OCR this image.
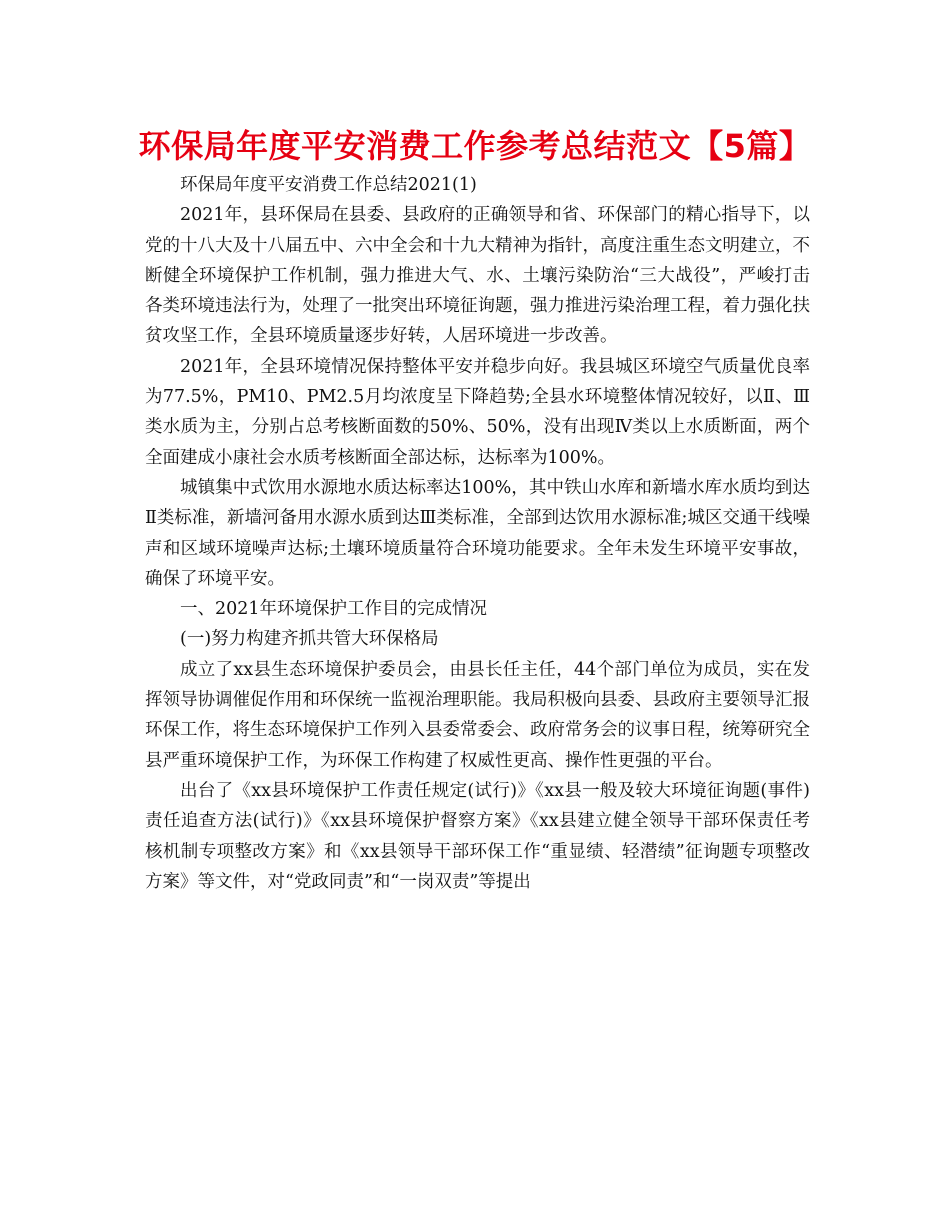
环保局年度平安消费工作参考总结范文【5篇】

环保局年度平安消费工作总结2021(1)

2021年，县环保局在县委、县政府的正确领导和省、环保部门的精心指导下，以党的十八大及十八届五中、六中全会和十九大精神为指针，高度注重生态文明建立，不断健全环境保护工作机制，强力推进大气、水、土壤污染防治“三大战役”，严峻打击各类环境违法行为，处理了一批突出环境征询题，强力推进污染治理工程，着力强化扶贫攻坚工作，全县环境质量逐步好转，人居环境进一步改善。

2021年，全县环境情况保持整体平安并稳步向好。我县城区环境空气质量优良率为77.5%，PM10、PM2.5月均浓度呈下降趋势;全县水环境整体情况较好，以Ⅱ、Ⅲ类水质为主，分别占总考核断面数的50%、50%，没有出现Ⅳ类以上水质断面，两个全面建成小康社会水质考核断面全部达标，达标率为100%。

城镇集中式饮用水源地水质达标率达100%，其中铁山水库和新墙水库水质均到达Ⅱ类标准，新墙河备用水源水质到达Ⅲ类标准，全部到达饮用水源标准;城区交通干线噪声和区域环境噪声达标;土壤环境质量符合环境功能要求。全年未发生环境平安事故，确保了环境平安。

一、2021年环境保护工作目的完成情况

(一)努力构建齐抓共管大环保格局

成立了xx县生态环境保护委员会，由县长任主任，44个部门单位为成员，实在发挥领导协调催促作用和环保统一监视治理职能。我局积极向县委、县政府主要领导汇报环保工作，将生态环境保护工作列入县委常委会、政府常务会的议事日程，统筹研究全县严重环境保护工作，为环保工作构建了权威性更高、操作性更强的平台。

出台了《xx县环境保护工作责任规定(试行)》《xx县一般及较大环境征询题(事件)责任追查方法(试行)》《xx县环境保护督察方案》《xx县建立健全领导干部环保责任考核机制专项整改方案》和《xx县领导干部环保工作“重显绩、轻潜绩”征询题专项整改方案》等文件，对“党政同责”和“一岗双责”等提出
